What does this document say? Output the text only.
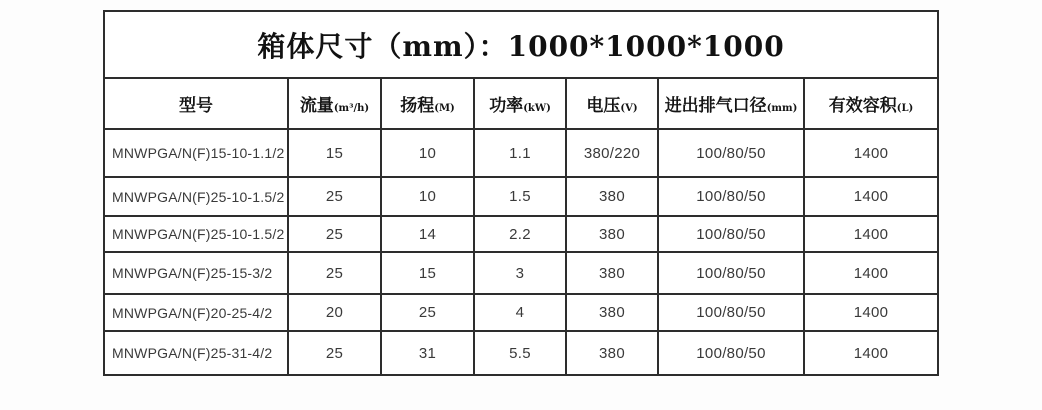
箱体尺寸（mm）：1000*1000*1000						
型号	流量(m³/h)	扬程(M)	功率(kW)	电压(V)	进出排气口径(mm)	有效容积(L)
MNWPGA/N(F)15-10-1.1/2	15	10	1.1	380/220	100/80/50	1400
MNWPGA/N(F)25-10-1.5/2	25	10	1.5	380	100/80/50	1400
MNWPGA/N(F)25-10-1.5/2	25	14	2.2	380	100/80/50	1400
MNWPGA/N(F)25-15-3/2	25	15	3	380	100/80/50	1400
MNWPGA/N(F)20-25-4/2	20	25	4	380	100/80/50	1400
MNWPGA/N(F)25-31-4/2	25	31	5.5	380	100/80/50	1400
